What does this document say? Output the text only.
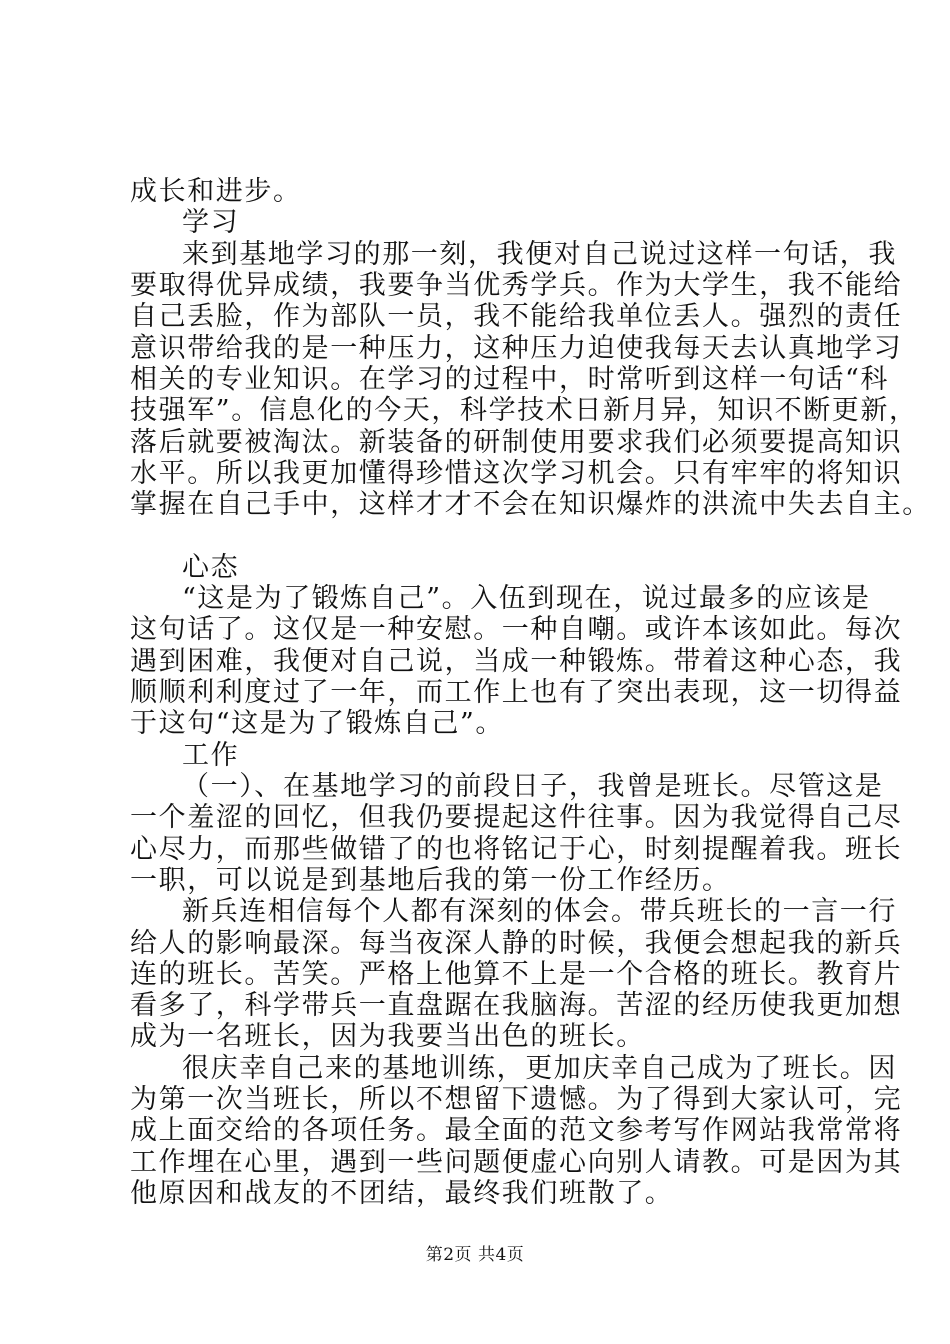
成长和进步。
学习
来到基地学习的那一刻，我便对自己说过这样一句话，我
要取得优异成绩，我要争当优秀学兵。作为大学生，我不能给
自己丢脸，作为部队一员，我不能给我单位丢人。强烈的责任
意识带给我的是一种压力，这种压力迫使我每天去认真地学习
相关的专业知识。在学习的过程中，时常听到这样一句话“科
技强军”。信息化的今天，科学技术日新月异，知识不断更新，
落后就要被淘汰。新装备的研制使用要求我们必须要提高知识
水平。所以我更加懂得珍惜这次学习机会。只有牢牢的将知识
掌握在自己手中，这样才才不会在知识爆炸的洪流中失去自主。
心态
“这是为了锻炼自己”。入伍到现在，说过最多的应该是
这句话了。这仅是一种安慰。一种自嘲。或许本该如此。每次
遇到困难，我便对自己说，当成一种锻炼。带着这种心态，我
顺顺利利度过了一年，而工作上也有了突出表现，这一切得益
于这句“这是为了锻炼自己”。
工作
（一）、在基地学习的前段日子，我曾是班长。尽管这是
一个羞涩的回忆，但我仍要提起这件往事。因为我觉得自己尽
心尽力，而那些做错了的也将铭记于心，时刻提醒着我。班长
一职，可以说是到基地后我的第一份工作经历。
新兵连相信每个人都有深刻的体会。带兵班长的一言一行
给人的影响最深。每当夜深人静的时候，我便会想起我的新兵
连的班长。苦笑。严格上他算不上是一个合格的班长。教育片
看多了，科学带兵一直盘踞在我脑海。苦涩的经历使我更加想
成为一名班长，因为我要当出色的班长。
很庆幸自己来的基地训练，更加庆幸自己成为了班长。因
为第一次当班长，所以不想留下遗憾。为了得到大家认可，完
成上面交给的各项任务。最全面的范文参考写作网站我常常将
工作埋在心里，遇到一些问题便虚心向别人请教。可是因为其
他原因和战友的不团结，最终我们班散了。
第2页 共4页
